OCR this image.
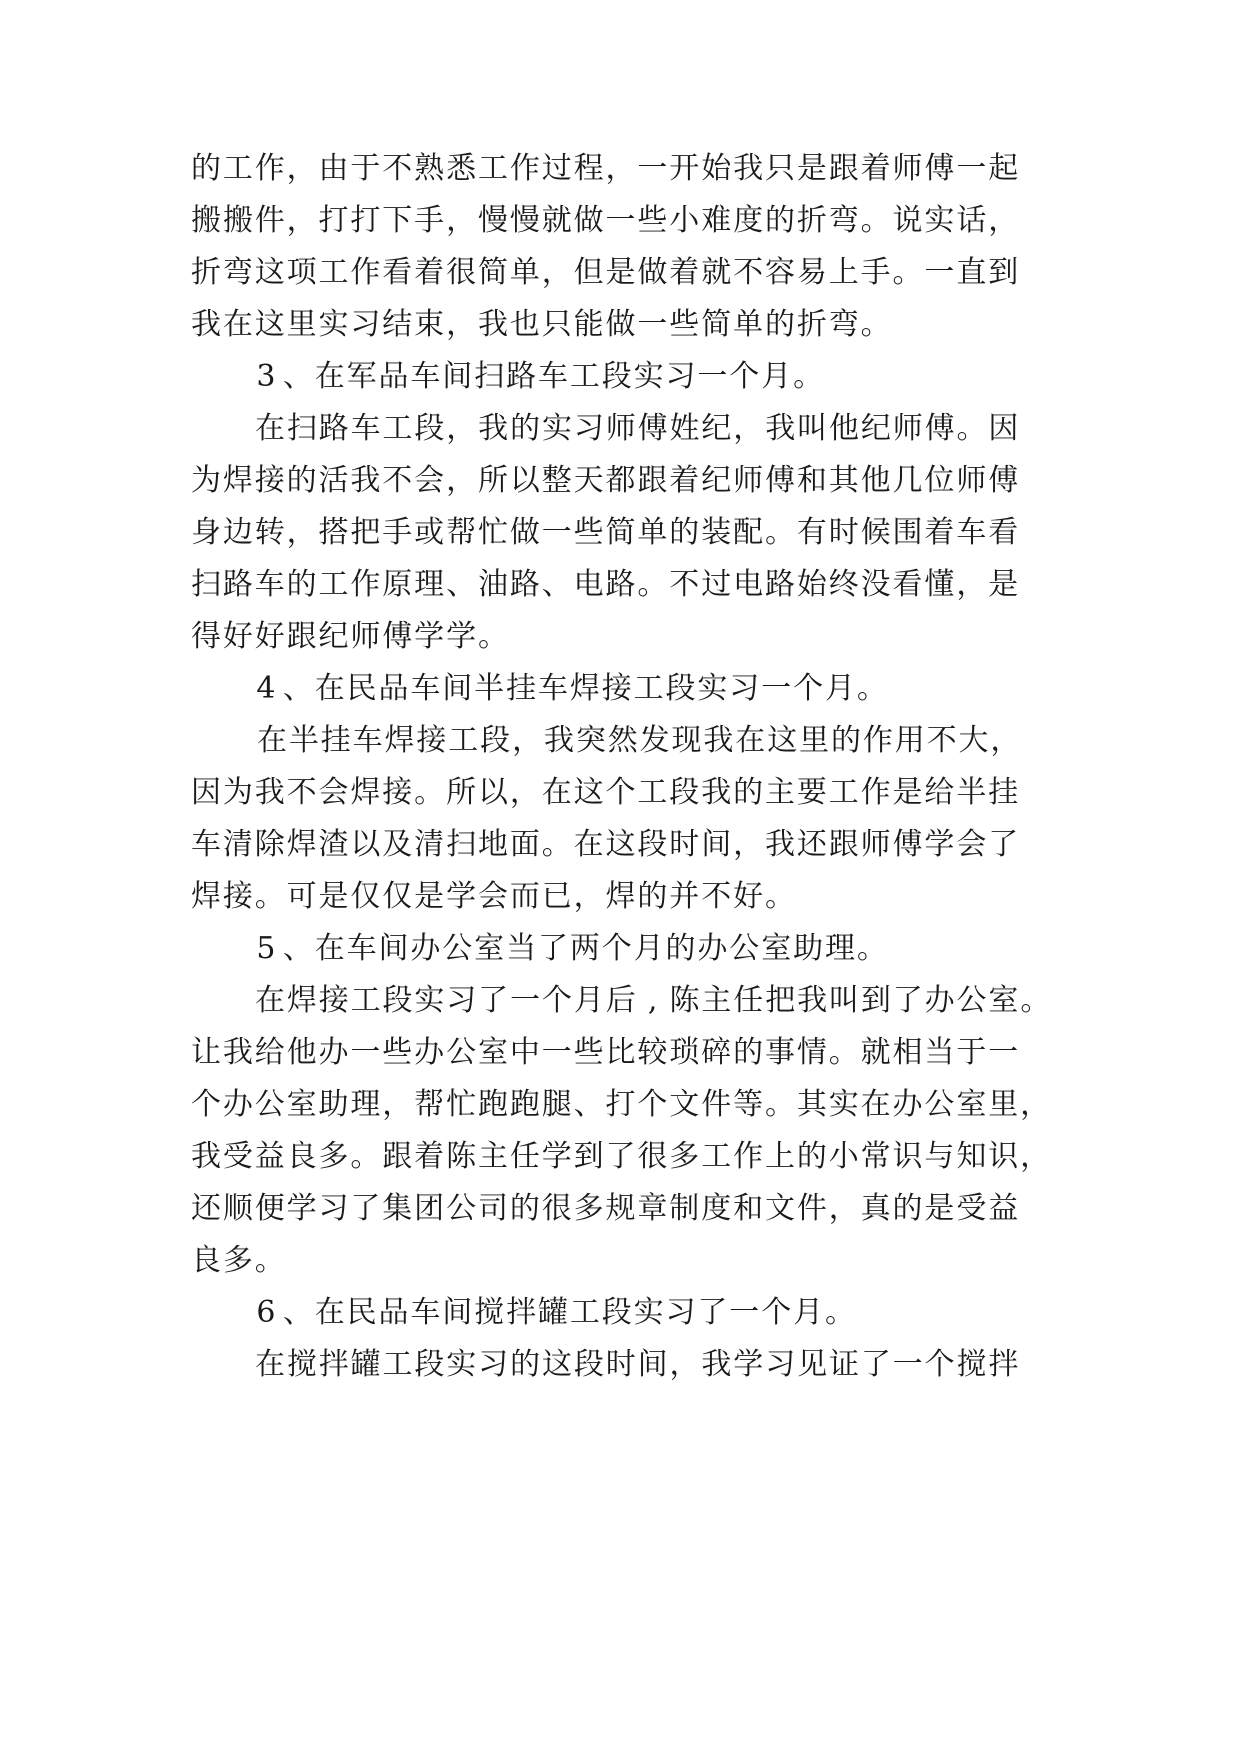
的工作，由于不熟悉工作过程，一开始我只是跟着师傅一起

搬搬件，打打下手，慢慢就做一些小难度的折弯。说实话，

折弯这项工作看着很简单，但是做着就不容易上手。一直到

我在这里实习结束，我也只能做一些简单的折弯。

3 、在军品车间扫路车工段实习一个月。

在扫路车工段，我的实习师傅姓纪，我叫他纪师傅。因

为焊接的活我不会，所以整天都跟着纪师傅和其他几位师傅

身边转，搭把手或帮忙做一些简单的装配。有时候围着车看

扫路车的工作原理、油路、电路。不过电路始终没看懂，是

得好好跟纪师傅学学。

4 、在民品车间半挂车焊接工段实习一个月。

在半挂车焊接工段，我突然发现我在这里的作用不大，

因为我不会焊接。所以，在这个工段我的主要工作是给半挂

车清除焊渣以及清扫地面。在这段时间，我还跟师傅学会了

焊接。可是仅仅是学会而已，焊的并不好。

5 、在车间办公室当了两个月的办公室助理。

在焊接工段实习了一个月后 , 陈主任把我叫到了办公室。

让我给他办一些办公室中一些比较琐碎的事情。就相当于一

个办公室助理，帮忙跑跑腿、打个文件等。其实在办公室里，

我受益良多。跟着陈主任学到了很多工作上的小常识与知识，

还顺便学习了集团公司的很多规章制度和文件，真的是受益

良多。

6 、在民品车间搅拌罐工段实习了一个月。

在搅拌罐工段实习的这段时间，我学习见证了一个搅拌
